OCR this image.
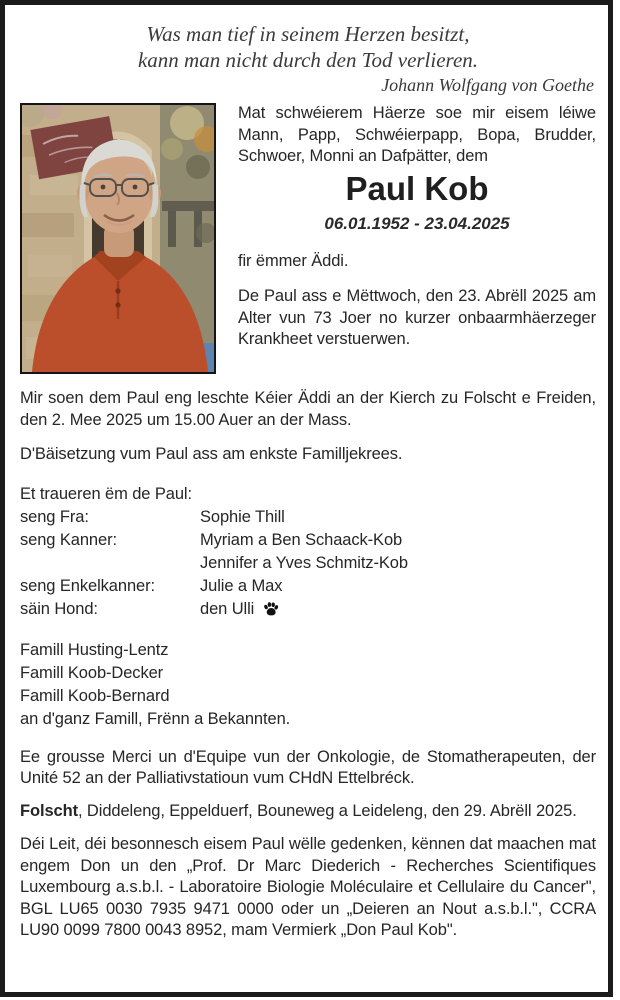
Was man tief in seinem Herzen besitzt,
kann man nicht durch den Tod verlieren.
Johann Wolfgang von Goethe
Mat schwéierem Häerze soe mir eisem léiwe Mann, Papp, Schwéierpapp, Bopa, Brudder, Schwoer, Monni an Dafpätter, dem
Paul Kob
06.01.1952 - 23.04.2025
fir ëmmer Äddi.
De Paul ass e Mëttwoch, den 23. Abrëll 2025 am Alter vun 73 Joer no kurzer onbaarmhäerzeger Krankheet verstuerwen.
Mir soen dem Paul eng leschte Kéier Äddi an der Kierch zu Folscht e Freiden, den 2. Mee 2025 um 15.00 Auer an der Mass.
D'Bäisetzung vum Paul ass am enkste Familljekrees.
Et traueren ëm de Paul:
seng Fra:	Sophie Thill
seng Kanner:	Myriam a Ben Schaack-Kob
Jennifer a Yves Schmitz-Kob
seng Enkelkanner:	Julie a Max
säin Hond:	den Ulli
Famill Husting-Lentz
Famill Koob-Decker
Famill Koob-Bernard
an d'ganz Famill, Frënn a Bekannten.
Ee grousse Merci un d'Equipe vun der Onkologie, de Stomatherapeuten, der Unité 52 an der Palliativstatioun vum CHdN Ettelbréck.
Folscht, Diddeleng, Eppelduerf, Bouneweg a Leideleng, den 29. Abrëll 2025.
Déi Leit, déi besonnesch eisem Paul wëlle gedenken, kënnen dat maachen mat engem Don un den „Prof. Dr Marc Diederich - Recherches Scientifiques Luxembourg a.s.b.l. - Laboratoire Biologie Moléculaire et Cellulaire du Cancer", BGL LU65 0030 7935 9471 0000 oder un „Deieren an Nout a.s.b.l.", CCRA LU90 0099 7800 0043 8952, mam Vermierk „Don Paul Kob".
